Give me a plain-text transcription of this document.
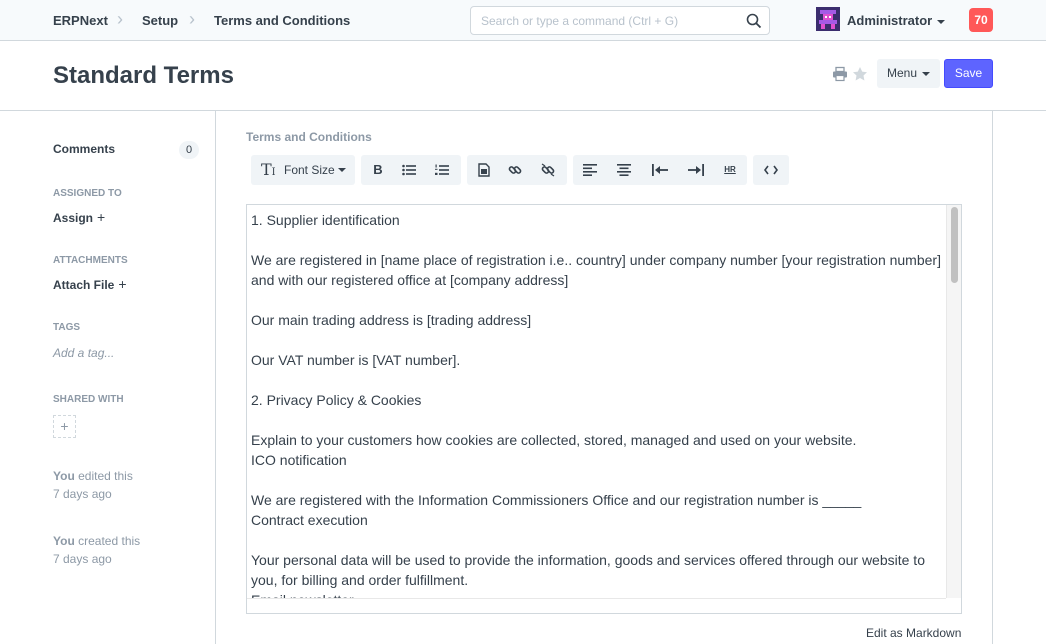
ERPNext › Setup › Terms and Conditions	Search or type a command (Ctrl + G)	Administrator	70
Standard Terms	Menu	Save
Comments	0
ASSIGNED TO
Assign +
ATTACHMENTS
Attach File +
TAGS
Add a tag...
SHARED WITH
+
You edited this
7 days ago
You created this
7 days ago
Terms and Conditions
TI Font Size	B	HR

1. Supplier identification

We are registered in [name place of registration i.e.. country] under company number [your registration number] and with our registered office at [company address]

Our main trading address is [trading address]

Our VAT number is [VAT number].

2. Privacy Policy & Cookies

Explain to your customers how cookies are collected, stored, managed and used on your website.

ICO notification

We are registered with the Information Commissioners Office and our registration number is _____

Contract execution

Your personal data will be used to provide the information, goods and services offered through our website to you, for billing and order fulfillment.

Edit as Markdown
